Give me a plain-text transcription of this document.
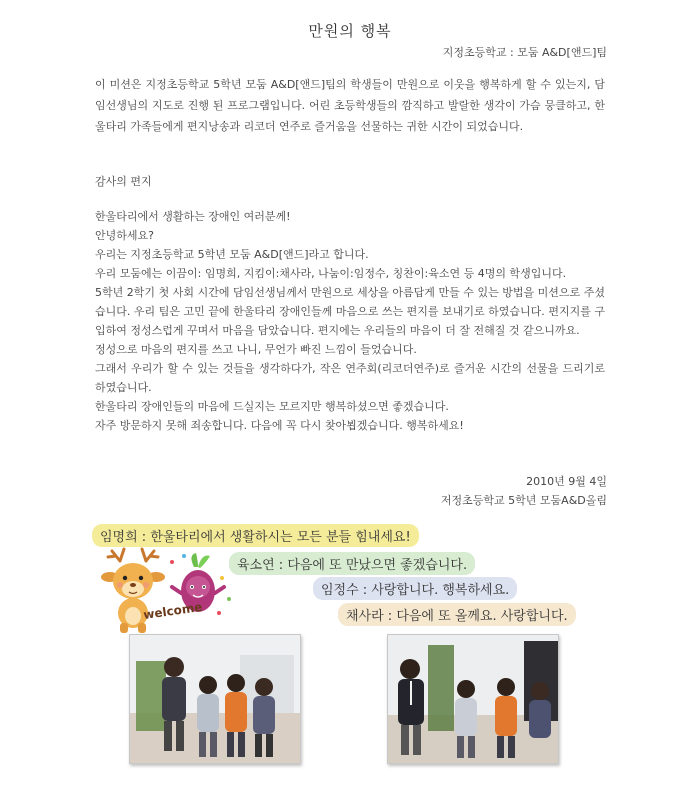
만원의 행복
지정초등학교 : 모둠 A&D[앤드]팀
이 미션은 지정초등학교 5학년 모둠 A&D[앤드]팀의 학생들이 만원으로 이웃을 행복하게 할 수 있는지, 담임선생님의 지도로 진행 된 프로그램입니다. 어린 초등학생들의 깜직하고 발랄한 생각이 가슴 뭉클하고, 한울타리 가족들에게 편지낭송과 리코더 연주로 즐거움을 선물하는 귀한 시간이 되었습니다.
감사의 편지

한울타리에서 생활하는 장애인 여러분께!

안녕하세요?

우리는 지정초등학교 5학년 모둠 A&D[앤드]라고 합니다.

우리 모둠에는 이끔이: 임명희, 지킴이:채사라, 나눔이:임정수, 칭찬이:육소연 등 4명의 학생입니다.

5학년 2학기 첫 사회 시간에 담임선생님께서 만원으로 세상을 아름답게 만들 수 있는 방법을 미션으로 주셨습니다. 우리 팀은 고민 끝에 한울타리 장애인들께 마음으로 쓰는 편지를 보내기로 하였습니다. 편지지를 구입하여 정성스럽게 꾸며서 마음을 담았습니다. 편지에는 우리들의 마음이 더 잘 전해질 것 같으니까요.

정성으로 마음의 편지를 쓰고 나니, 무언가 빠진 느낌이 들었습니다.

그래서 우리가 할 수 있는 것들을 생각하다가, 작은 연주회(리코더연주)로 즐거운 시간의 선물을 드리기로 하였습니다.

한울타리 장애인들의 마음에 드실지는 모르지만 행복하셨으면 좋겠습니다.

자주 방문하지 못해 죄송합니다. 다음에 꼭 다시 찾아뵙겠습니다. 행복하세요!

2010년 9월 4일
저정초등학교 5학년 모둠A&D올림
임명희 : 한울타리에서 생활하시는 모든 분들 힘내세요!
육소연 : 다음에 또 만났으면 좋겠습니다.
임정수 : 사랑합니다. 행복하세요.
채사라 : 다음에 또 올께요. 사랑합니다.
welcome
